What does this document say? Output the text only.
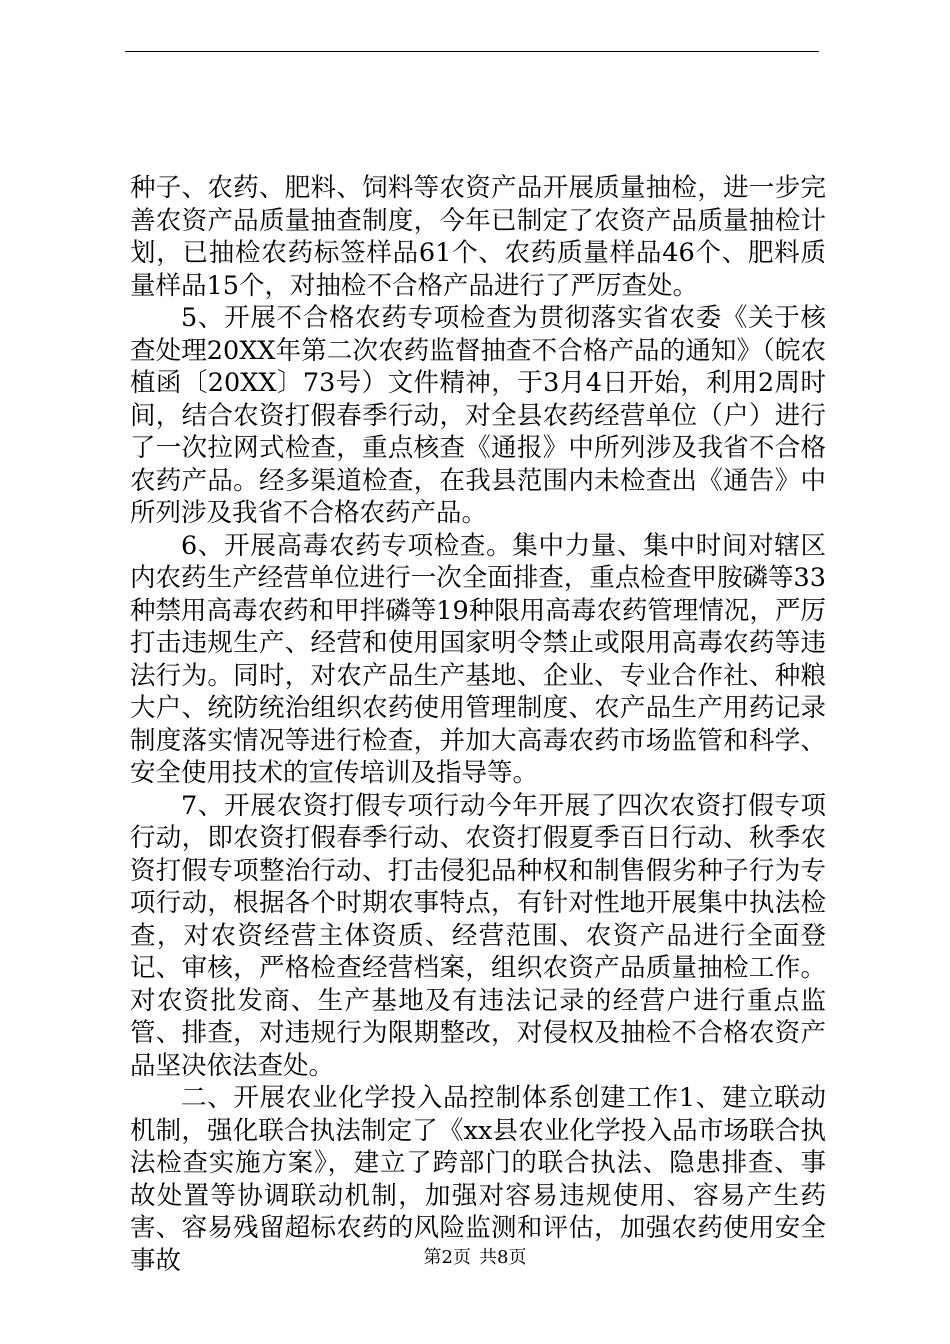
种子、农药、肥料、饲料等农资产品开展质量抽检，进一步完善农资产品质量抽查制度，今年已制定了农资产品质量抽检计划，已抽检农药标签样品61个、农药质量样品46个、肥料质量样品15个，对抽检不合格产品进行了严厉查处。

5、开展不合格农药专项检查为贯彻落实省农委《关于核查处理20XX年第二次农药监督抽查不合格产品的通知》（皖农植函〔20XX〕73号）文件精神，于3月4日开始，利用2周时间，结合农资打假春季行动，对全县农药经营单位（户）进行了一次拉网式检查，重点核查《通报》中所列涉及我省不合格农药产品。经多渠道检查，在我县范围内未检查出《通告》中所列涉及我省不合格农药产品。

6、开展高毒农药专项检查。集中力量、集中时间对辖区内农药生产经营单位进行一次全面排查，重点检查甲胺磷等33种禁用高毒农药和甲拌磷等19种限用高毒农药管理情况，严厉打击违规生产、经营和使用国家明令禁止或限用高毒农药等违法行为。同时，对农产品生产基地、企业、专业合作社、种粮大户、统防统治组织农药使用管理制度、农产品生产用药记录制度落实情况等进行检查，并加大高毒农药市场监管和科学、安全使用技术的宣传培训及指导等。

7、开展农资打假专项行动今年开展了四次农资打假专项行动，即农资打假春季行动、农资打假夏季百日行动、秋季农资打假专项整治行动、打击侵犯品种权和制售假劣种子行为专项行动，根据各个时期农事特点，有针对性地开展集中执法检查，对农资经营主体资质、经营范围、农资产品进行全面登记、审核，严格检查经营档案，组织农资产品质量抽检工作。对农资批发商、生产基地及有违法记录的经营户进行重点监管、排查，对违规行为限期整改，对侵权及抽检不合格农资产品坚决依法查处。

二、开展农业化学投入品控制体系创建工作1、建立联动机制，强化联合执法制定了《xx县农业化学投入品市场联合执法检查实施方案》，建立了跨部门的联合执法、隐患排查、事故处置等协调联动机制，加强对容易违规使用、容易产生药害、容易残留超标农药的风险监测和评估，加强农药使用安全事故	第2页 共8页
